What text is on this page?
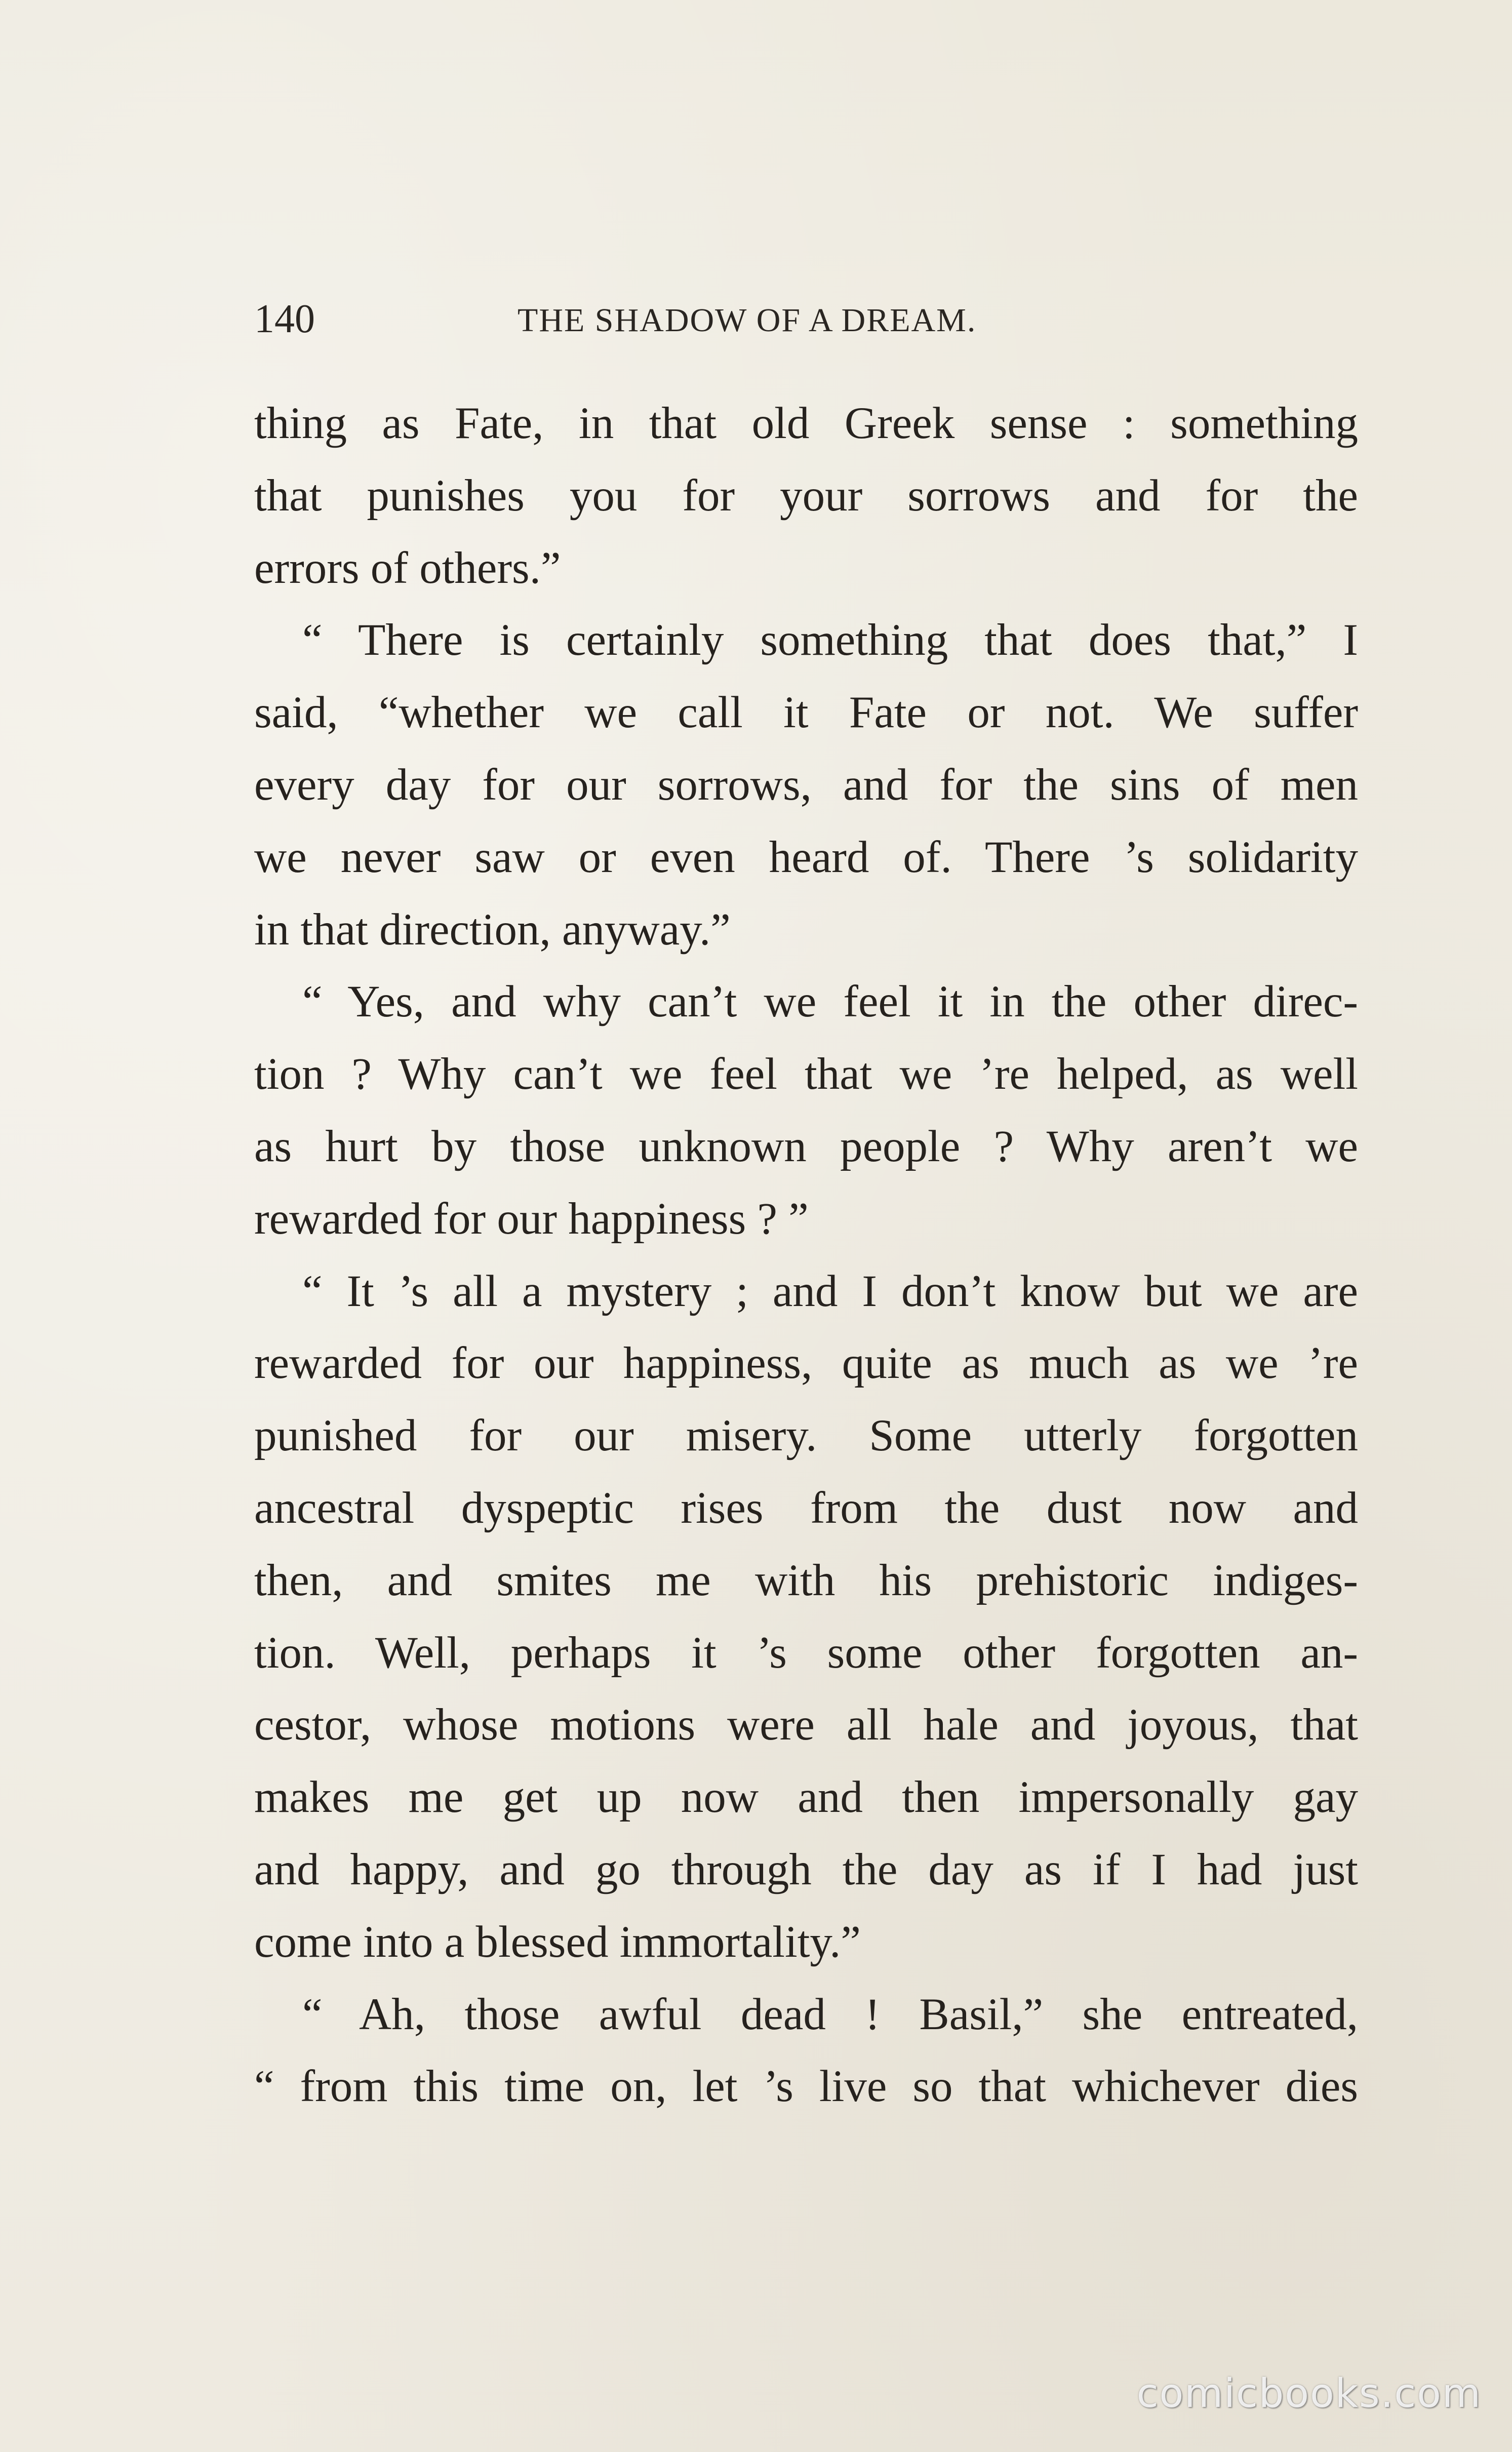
140	THE SHADOW OF A DREAM.
thing as Fate, in that old Greek sense : something
that punishes you for your sorrows and for the
errors of others.”
“ There is certainly something that does that,” I
said, “whether we call it Fate or not. We suffer
every day for our sorrows, and for the sins of men
we never saw or even heard of. There ’s solidarity
in that direction, anyway.”
“ Yes, and why can’t we feel it in the other direc-
tion ? Why can’t we feel that we ’re helped, as well
as hurt by those unknown people ? Why aren’t we
rewarded for our happiness ? ”
“ It ’s all a mystery ; and I don’t know but we are
rewarded for our happiness, quite as much as we ’re
punished for our misery. Some utterly forgotten
ancestral dyspeptic rises from the dust now and
then, and smites me with his prehistoric indiges-
tion. Well, perhaps it ’s some other forgotten an-
cestor, whose motions were all hale and joyous, that
makes me get up now and then impersonally gay
and happy, and go through the day as if I had just
come into a blessed immortality.”
“ Ah, those awful dead ! Basil,” she entreated,
“ from this time on, let ’s live so that whichever dies
comicbooks.com
